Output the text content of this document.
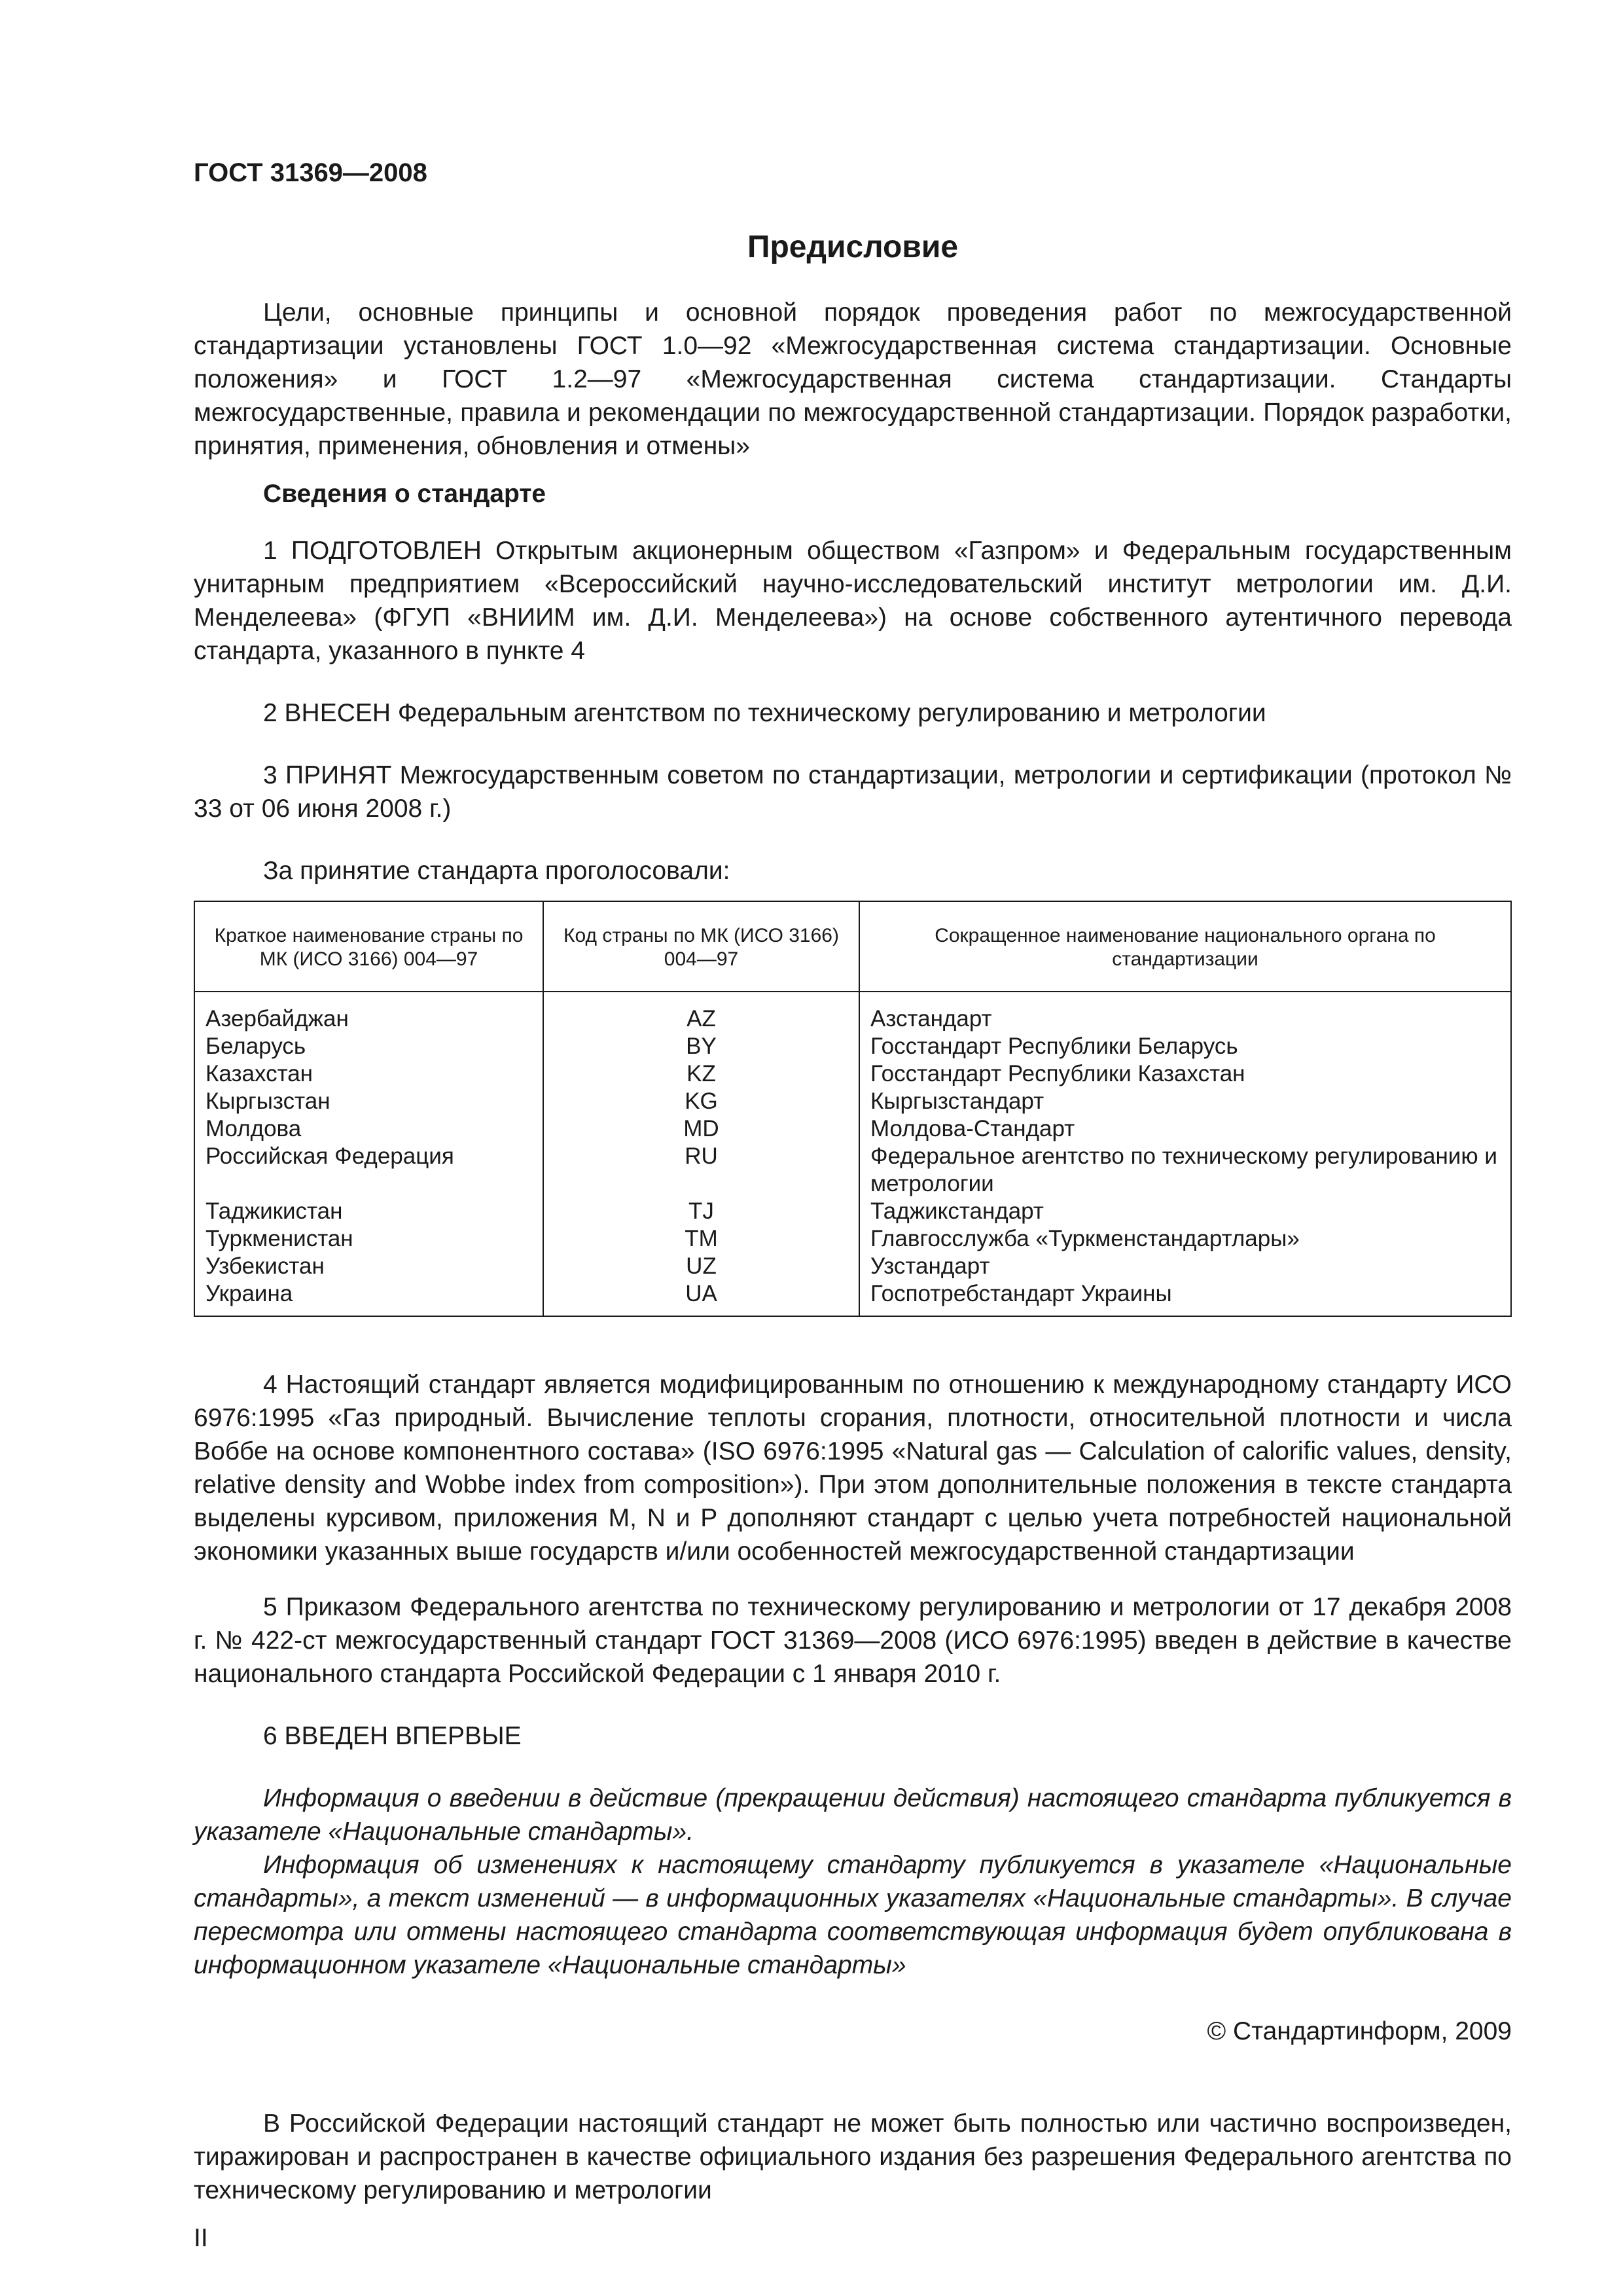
ГОСТ 31369—2008
Предисловие

Цели, основные принципы и основной порядок проведения работ по межгосударственной стандартизации установлены ГОСТ 1.0—92 «Межгосударственная система стандартизации. Основные положения» и ГОСТ 1.2—97 «Межгосударственная система стандартизации. Стандарты межгосударственные, правила и рекомендации по межгосударственной стандартизации. Порядок разработки, принятия, применения, обновления и отмены»

Сведения о стандарте

1 ПОДГОТОВЛЕН Открытым акционерным обществом «Газпром» и Федеральным государственным унитарным предприятием «Всероссийский научно-исследовательский институт метрологии им. Д.И. Менделеева» (ФГУП «ВНИИМ им. Д.И. Менделеева») на основе собственного аутентичного перевода стандарта, указанного в пункте 4

2 ВНЕСЕН Федеральным агентством по техническому регулированию и метрологии

3 ПРИНЯТ Межгосударственным советом по стандартизации, метрологии и сертификации (протокол № 33 от 06 июня 2008 г.)

За принятие стандарта проголосовали:

Краткое наименование страны по МК (ИСО 3166) 004—97	Код страны по МК (ИСО 3166) 004—97	Сокращенное наименование национального органа по стандартизации
Азербайджан	AZ	Азстандарт
Беларусь	BY	Госстандарт Республики Беларусь
Казахстан	KZ	Госстандарт Республики Казахстан
Кыргызстан	KG	Кыргызстандарт
Молдова	MD	Молдова-Стандарт
Российская Федерация	RU	Федеральное агентство по техническому регулированию и метрологии
Таджикистан	TJ	Таджикстандарт
Туркменистан	TM	Главгосслужба «Туркменстандартлары»
Узбекистан	UZ	Узстандарт
Украина	UA	Госпотребстандарт Украины

4 Настоящий стандарт является модифицированным по отношению к международному стандарту ИСО 6976:1995 «Газ природный. Вычисление теплоты сгорания, плотности, относительной плотности и числа Воббе на основе компонентного состава» (ISO 6976:1995 «Natural gas — Calculation of calorific values, density, relative density and Wobbe index from composition»). При этом дополнительные положения в тексте стандарта выделены курсивом, приложения M, N и P дополняют стандарт с целью учета потребностей национальной экономики указанных выше государств и/или особенностей межгосударственной стандартизации

5 Приказом Федерального агентства по техническому регулированию и метрологии от 17 декабря 2008 г. № 422-ст межгосударственный стандарт ГОСТ 31369—2008 (ИСО 6976:1995) введен в действие в качестве национального стандарта Российской Федерации с 1 января 2010 г.

6 ВВЕДЕН ВПЕРВЫЕ

Информация о введении в действие (прекращении действия) настоящего стандарта публикуется в указателе «Национальные стандарты».

Информация об изменениях к настоящему стандарту публикуется в указателе «Национальные стандарты», а текст изменений — в информационных указателях «Национальные стандарты». В случае пересмотра или отмены настоящего стандарта соответствующая информация будет опубликована в информационном указателе «Национальные стандарты»

© Стандартинформ, 2009

В Российской Федерации настоящий стандарт не может быть полностью или частично воспроизведен, тиражирован и распространен в качестве официального издания без разрешения Федерального агентства по техническому регулированию и метрологии

II
